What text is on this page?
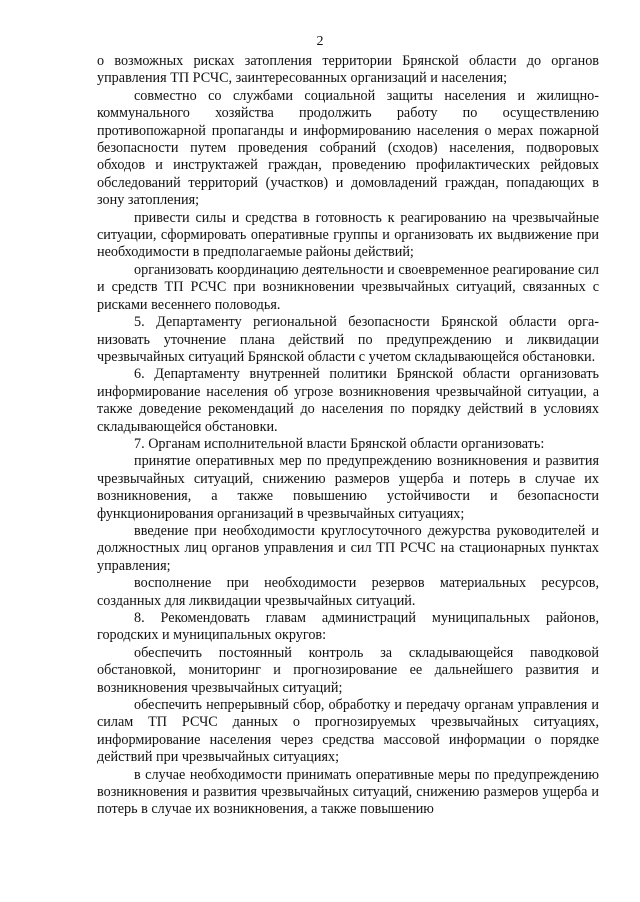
2

о возможных рисках затопления территории Брянской области до органов управления ТП РСЧС, заинтересованных организаций и населения;

совместно со службами социальной защиты населения и жилищно-коммунального хозяйства продолжить работу по осуществлению противопожарной пропаганды и информированию населения о мерах пожарной безопасности путем проведения собраний (сходов) населения, подворовых обходов и инструктажей граждан, проведению профилактических рейдовых обследований территорий (участков) и домовладений граждан, попадающих в зону затопления;

привести силы и средства в готовность к реагированию на чрезвычайные ситуации, сформировать оперативные группы и организовать их выдвижение при необходимости в предполагаемые районы действий;

организовать координацию деятельности и своевременное реагирование сил и средств ТП РСЧС при возникновении чрезвычайных ситуаций, связанных с рисками весеннего половодья.

5. Департаменту региональной безопасности Брянской области организовать уточнение плана действий по предупреждению и ликвидации чрезвычайных ситуаций Брянской области с учетом складывающейся обстановки.

6. Департаменту внутренней политики Брянской области организовать информирование населения об угрозе возникновения чрезвычайной ситуации, а также доведение рекомендаций до населения по порядку действий в условиях складывающейся обстановки.

7. Органам исполнительной власти Брянской области организовать:

принятие оперативных мер по предупреждению возникновения и развития чрезвычайных ситуаций, снижению размеров ущерба и потерь в случае их возникновения, а также повышению устойчивости и безопасности функционирования организаций в чрезвычайных ситуациях;

введение при необходимости круглосуточного дежурства руководителей и должностных лиц органов управления и сил ТП РСЧС на стационарных пунктах управления;

восполнение при необходимости резервов материальных ресурсов, созданных для ликвидации чрезвычайных ситуаций.

8. Рекомендовать главам администраций муниципальных районов, городских и муниципальных округов:

обеспечить постоянный контроль за складывающейся паводковой обстановкой, мониторинг и прогнозирование ее дальнейшего развития и возникновения чрезвычайных ситуаций;

обеспечить непрерывный сбор, обработку и передачу органам управления и силам ТП РСЧС данных о прогнозируемых чрезвычайных ситуациях, информирование населения через средства массовой информации о порядке действий при чрезвычайных ситуациях;

в случае необходимости принимать оперативные меры по предупреждению возникновения и развития чрезвычайных ситуаций, снижению размеров ущерба и потерь в случае их возникновения, а также повышению
